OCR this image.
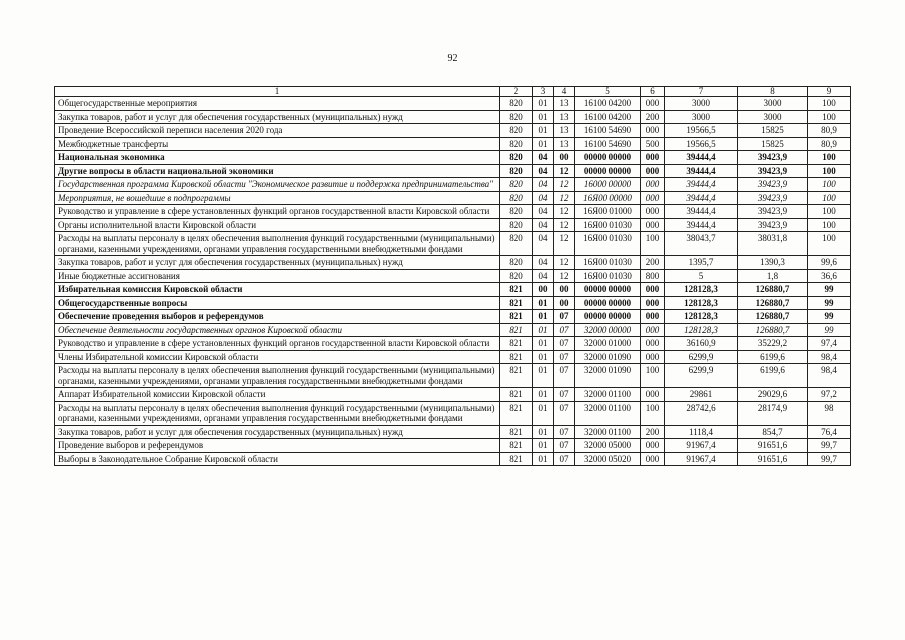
92
1	2	3	4	5	6	7	8	9
Общегосударственные мероприятия	820	01	13	16100 04200	000	3000	3000	100
Закупка товаров, работ и услуг для обеспечения государственных (муниципальных) нужд	820	01	13	16100 04200	200	3000	3000	100
Проведение Всероссийской переписи населения 2020 года	820	01	13	16100 54690	000	19566,5	15825	80,9
Межбюджетные трансферты	820	01	13	16100 54690	500	19566,5	15825	80,9
Национальная экономика	820	04	00	00000 00000	000	39444,4	39423,9	100
Другие вопросы в области национальной экономики	820	04	12	00000 00000	000	39444,4	39423,9	100
Государственная программа Кировской области "Экономическое развитие и поддержка предпринимательства"	820	04	12	16000 00000	000	39444,4	39423,9	100
Мероприятия, не вошедшие в подпрограммы	820	04	12	16Я00 00000	000	39444,4	39423,9	100
Руководство и управление в сфере установленных функций органов государственной власти Кировской области	820	04	12	16Я00 01000	000	39444,4	39423,9	100
Органы исполнительной власти Кировской области	820	04	12	16Я00 01030	000	39444,4	39423,9	100
Расходы на выплаты персоналу в целях обеспечения выполнения функций государственными (муниципальными) органами, казенными учреждениями, органами управления государственными внебюджетными фондами	820	04	12	16Я00 01030	100	38043,7	38031,8	100
Закупка товаров, работ и услуг для обеспечения государственных (муниципальных) нужд	820	04	12	16Я00 01030	200	1395,7	1390,3	99,6
Иные бюджетные ассигнования	820	04	12	16Я00 01030	800	5	1,8	36,6
Избирательная комиссия Кировской области	821	00	00	00000 00000	000	128128,3	126880,7	99
Общегосударственные вопросы	821	01	00	00000 00000	000	128128,3	126880,7	99
Обеспечение проведения выборов и референдумов	821	01	07	00000 00000	000	128128,3	126880,7	99
Обеспечение деятельности государственных органов Кировской области	821	01	07	32000 00000	000	128128,3	126880,7	99
Руководство и управление в сфере установленных функций органов государственной власти Кировской области	821	01	07	32000 01000	000	36160,9	35229,2	97,4
Члены Избирательной комиссии Кировской области	821	01	07	32000 01090	000	6299,9	6199,6	98,4
Расходы на выплаты персоналу в целях обеспечения выполнения функций государственными (муниципальными) органами, казенными учреждениями, органами управления государственными внебюджетными фондами	821	01	07	32000 01090	100	6299,9	6199,6	98,4
Аппарат Избирательной комиссии Кировской области	821	01	07	32000 01100	000	29861	29029,6	97,2
Расходы на выплаты персоналу в целях обеспечения выполнения функций государственными (муниципальными) органами, казенными учреждениями, органами управления государственными внебюджетными фондами	821	01	07	32000 01100	100	28742,6	28174,9	98
Закупка товаров, работ и услуг для обеспечения государственных (муниципальных) нужд	821	01	07	32000 01100	200	1118,4	854,7	76,4
Проведение выборов и референдумов	821	01	07	32000 05000	000	91967,4	91651,6	99,7
Выборы в Законодательное Собрание Кировской области	821	01	07	32000 05020	000	91967,4	91651,6	99,7
